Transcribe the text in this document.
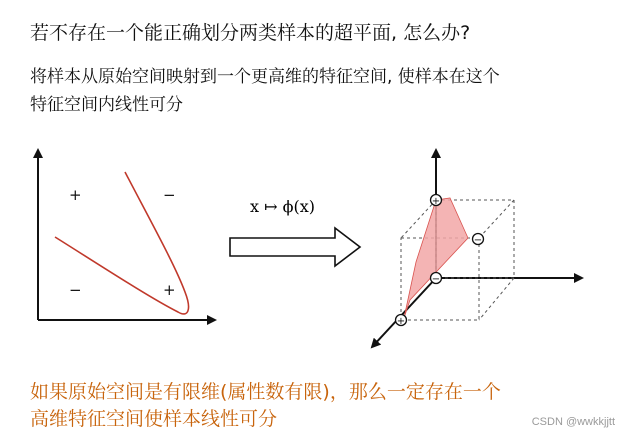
若不存在一个能正确划分两类样本的超平面, 怎么办?
将样本从原始空间映射到一个更高维的特征空间, 使样本在这个
特征空间内线性可分
+	−
−	+
x ↦ ϕ(x)	+
−
−
+
如果原始空间是有限维(属性数有限)，那么一定存在一个
高维特征空间使样本线性可分	CSDN @wwkkjjtt
